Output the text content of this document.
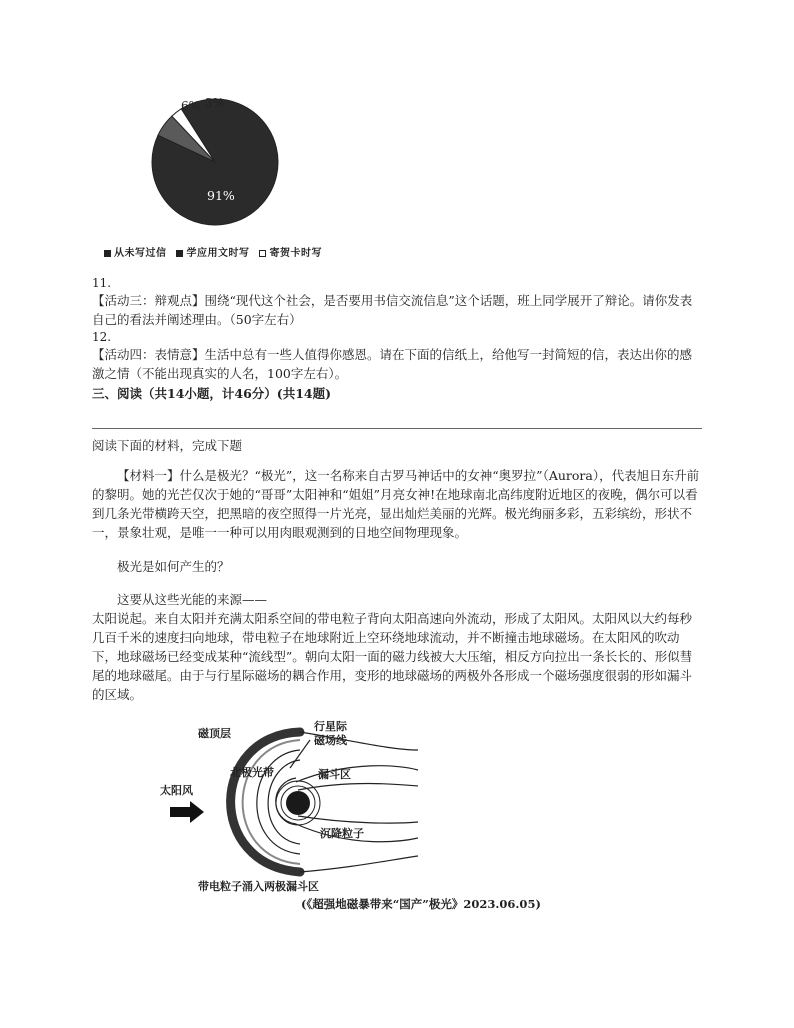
6% 3%
91%
从未写过信 学应用文时写 寄贺卡时写
11.
【活动三：辩观点】围绕“现代这个社会，是否要用书信交流信息”这个话题，班上同学展开了辩论。请你发表自己的看法并阐述理由。（50字左右）
12.
【活动四：表情意】生活中总有一些人值得你感恩。请在下面的信纸上，给他写一封简短的信，表达出你的感激之情（不能出现真实的人名，100字左右）。
三、阅读（共14小题，计46分）(共14题)
阅读下面的材料，完成下题
【材料一】什么是极光？“极光”，这一名称来自古罗马神话中的女神“奥罗拉”（Aurora），代表旭日东升前的黎明。她的光芒仅次于她的“哥哥”太阳神和“姐姐”月亮女神!在地球南北高纬度附近地区的夜晚，偶尔可以看到几条光带横跨天空，把黑暗的夜空照得一片光亮，显出灿烂美丽的光辉。极光绚丽多彩，五彩缤纷，形状不一，景象壮观，是唯一一种可以用肉眼观测到的日地空间物理现象。
极光是如何产生的？
这要从这些光能的来源——
太阳说起。来自太阳并充满太阳系空间的带电粒子背向太阳高速向外流动，形成了太阳风。太阳风以大约每秒几百千米的速度扫向地球，带电粒子在地球附近上空环绕地球流动，并不断撞击地球磁场。在太阳风的吹动下，地球磁场已经变成某种“流线型”。朝向太阳一面的磁力线被大大压缩，相反方向拉出一条长长的、形似彗尾的地球磁尾。由于与行星际磁场的耦合作用，变形的地球磁场的两极外各形成一个磁场强度很弱的形如漏斗的区域。
磁顶层
行星际
磁场线
北极光带	漏斗区
太阳风
沉降粒子
带电粒子涌入两极漏斗区
(《超强地磁暴带来“国产”极光》2023.06.05)
